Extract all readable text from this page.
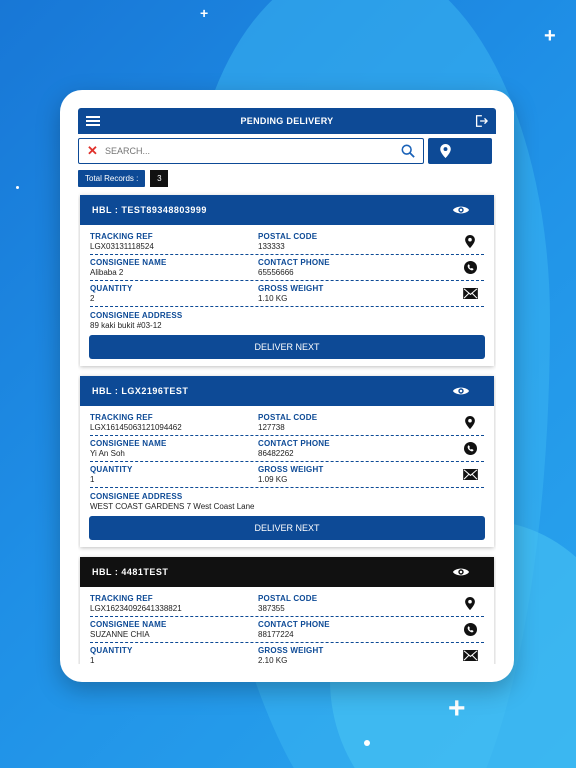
+
+
+
PENDING DELIVERY
✕
SEARCH...
Total Records :	3
HBL : TEST89348803999
TRACKING REF
LGX03131118524
POSTAL CODE
133333
CONSIGNEE NAME
Alibaba 2
CONTACT PHONE
65556666
QUANTITY
2
GROSS WEIGHT
1.10 KG
CONSIGNEE ADDRESS
89 kaki bukit #03-12
DELIVER NEXT
HBL : LGX2196TEST
TRACKING REF
LGX16145063121094462
POSTAL CODE
127738
CONSIGNEE NAME
Yi An Soh
CONTACT PHONE
86482262
QUANTITY
1
GROSS WEIGHT
1.09 KG
CONSIGNEE ADDRESS
WEST COAST GARDENS 7 West Coast Lane
DELIVER NEXT
HBL : 4481TEST
TRACKING REF
LGX16234092641338821
POSTAL CODE
387355
CONSIGNEE NAME
SUZANNE CHIA
CONTACT PHONE
88177224
QUANTITY
1
GROSS WEIGHT
2.10 KG
